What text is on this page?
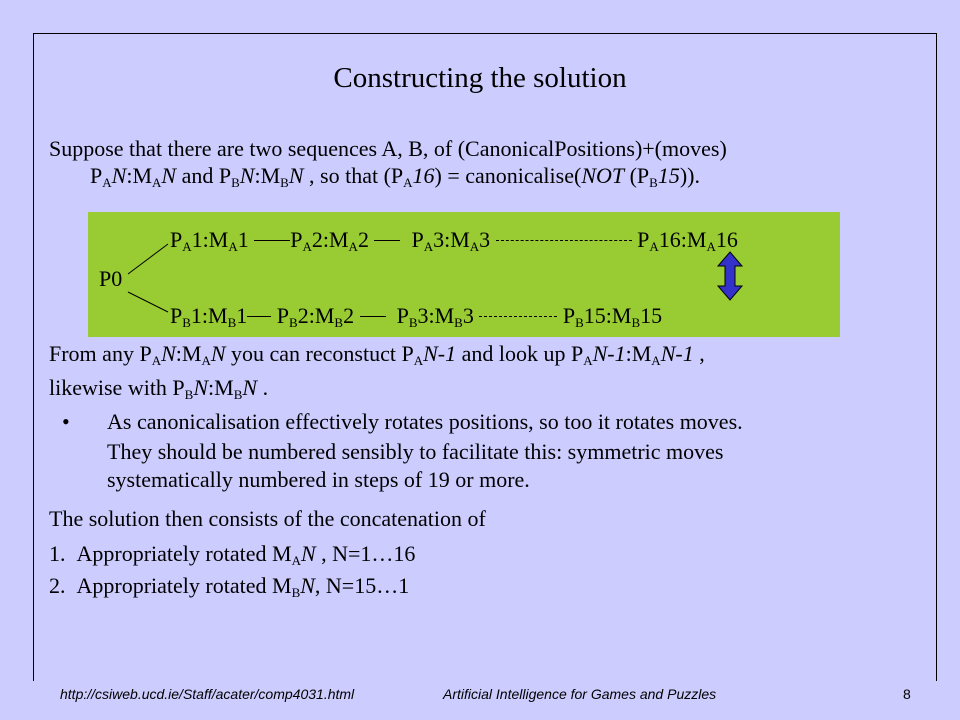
Constructing the solution
Suppose that there are two sequences A, B, of (CanonicalPositions)+(moves)
$P_AN:M_AN$ and $P_BN:M_BN$ , so that $(P_A16)$ = canonicalise(NOT $(P_B15)$).
$P_A1:M_A1$ $P_A2:M_A2$ $P_A3:M_A3$	$P_A16:M_A16$
P0
$P_B1:M_B1$ $P_B2:M_B2$ $P_B3:M_B3$	$P_B15:M_B15$
From any $P_AN:M_AN$ you can reconstuct $P_AN-1$ and look up $P_AN-1:M_AN-1$ ,
likewise with $P_BN:M_BN$ .
• As canonicalisation effectively rotates positions, so too it rotates moves.
They should be numbered sensibly to facilitate this: symmetric moves
systematically numbered in steps of 19 or more.
The solution then consists of the concatenation of
1. Appropriately rotated $M_AN$ , N=1…16
2. Appropriately rotated $M_BN$, N=15…1
http://csiweb.ucd.ie/Staff/acater/comp4031.html	Artificial Intelligence for Games and Puzzles	8
